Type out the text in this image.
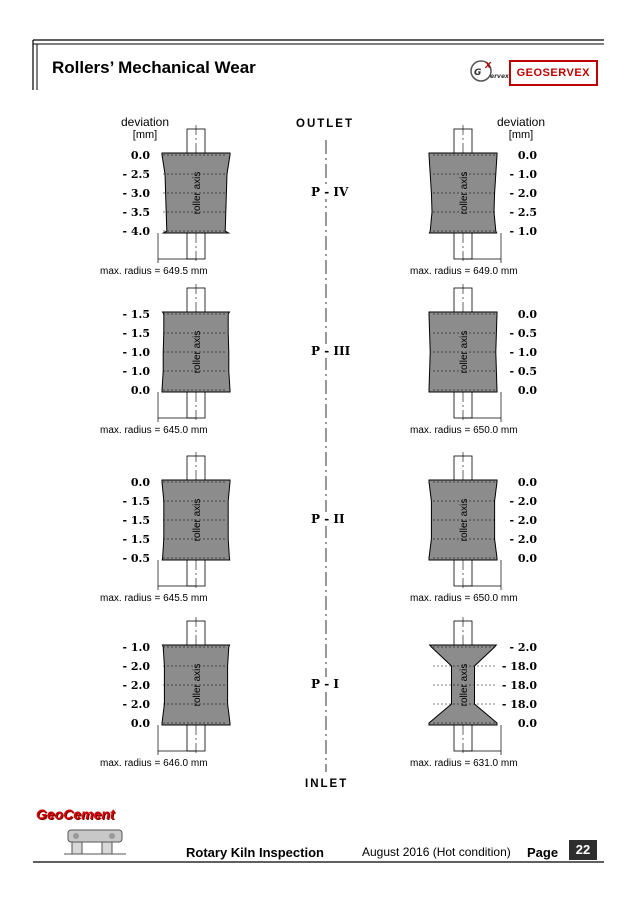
Rollers’ Mechanical Wear	G
X
ervex GEOSERVEX
deviation
[mm]
deviation
[mm]
OUTLET
INLET
roller axis	roller axis
roller axis	roller axis
roller axis	roller axis
roller axis	roller axis
0.0
- 2.5
- 3.0
- 3.5
- 4.0
0.0
- 1.0
- 2.0
- 2.5
- 1.0
P - IV
max. radius = 649.5 mm	max. radius = 649.0 mm
- 1.5
- 1.5
- 1.0
- 1.0
0.0
0.0
- 0.5
- 1.0
- 0.5
0.0
P - III
max. radius = 645.0 mm	max. radius = 650.0 mm
0.0
- 1.5
- 1.5
- 1.5
- 0.5
0.0
- 2.0
- 2.0
- 2.0
0.0
P - II
max. radius = 645.5 mm	max. radius = 650.0 mm
- 1.0
- 2.0
- 2.0
- 2.0
0.0
- 2.0
- 18.0
- 18.0
- 18.0
0.0
P - I
max. radius = 646.0 mm	max. radius = 631.0 mm
GeoCement
Rotary Kiln Inspection	August 2016 (Hot condition) Page	22
